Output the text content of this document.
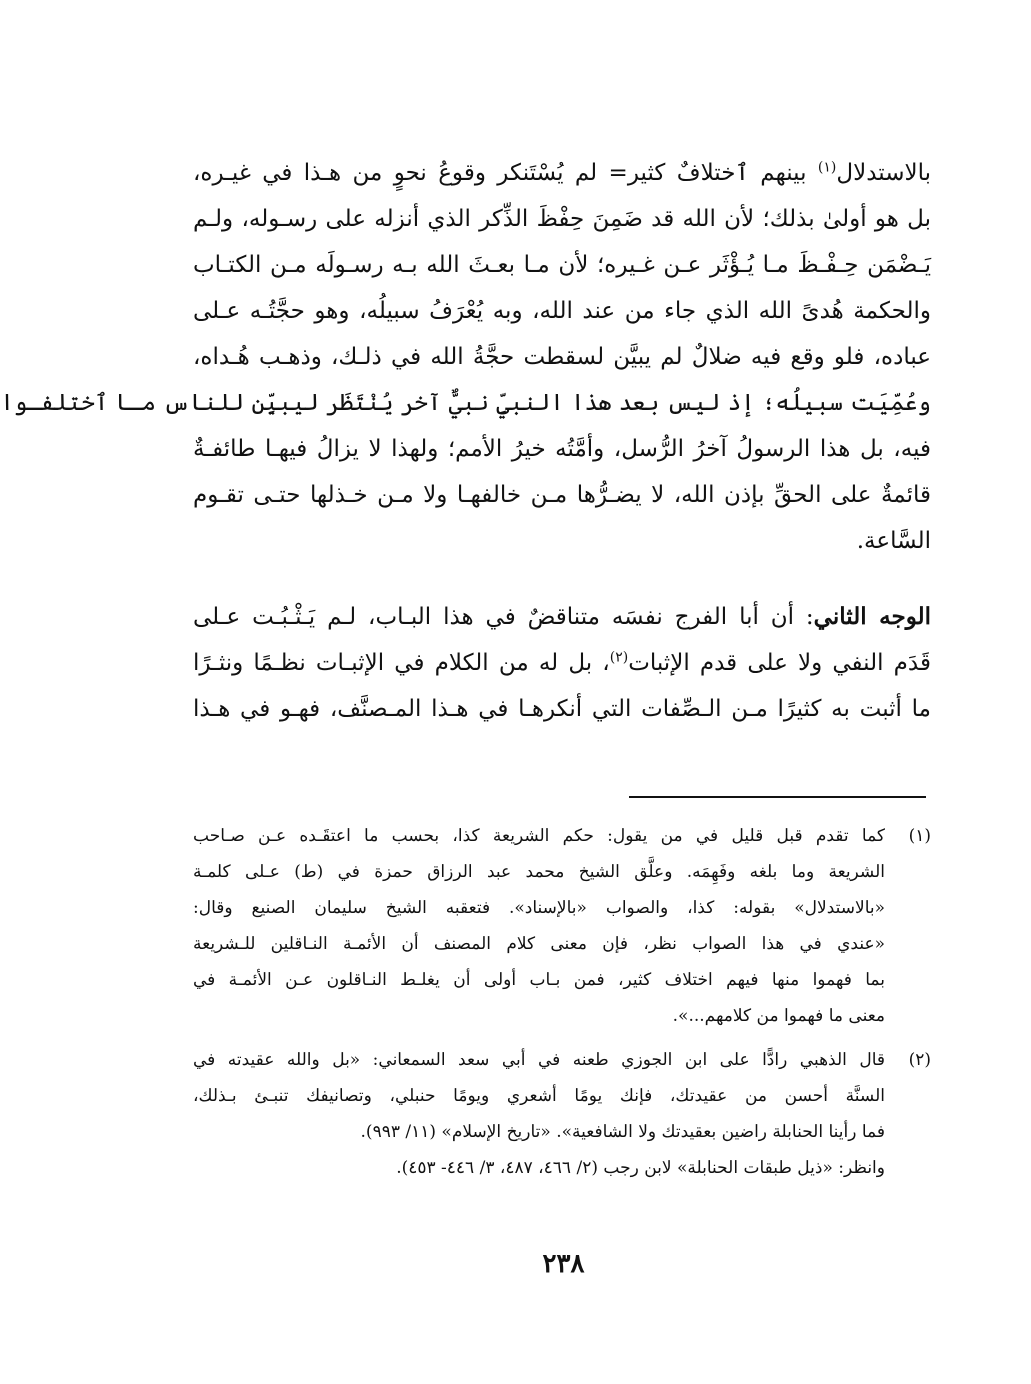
بالاستدلال$^{(١)}$ بينهم ٱختلافٌ كثير= لم يُسْتَنكر وقوعُ نحوٍ من هـذا في غيـره،
بل هو أولىٰ بذلك؛ لأن الله قد ضَمِنَ حِفْظَ الذِّكر الذي أنزله على رسـوله، ولـم
يَـضْمَن حِـفْـظَ مـا يُـؤْثَر عـن غـيره؛ لأن مـا بعـثَ الله بـه رسـولَه مـن الكتـاب
والحكمة هُدىً الله الذي جاء من عند الله، وبه يُعْرَفُ سبيلُه، وهو حجَّتُـه عـلى
عباده، فلو وقع فيه ضلالٌ لم يبيَّن لسقطت حجَّةُ الله في ذلـك، وذهـب هُـداه،
وعُمِّيَت سبيلُه؛ إذ ليس بعد هذا النبيِّ نبيٌّ آخر يُنْتَظَر ليبيِّن للناس مـا ٱختلفـوا
فيه، بل هذا الرسولُ آخرُ الرُّسل، وأمَّتُه خيرُ الأمم؛ ولهذا لا يزالُ فيهـا طائفـةٌ
قائمةٌ على الحقِّ بإذن الله، لا يضـرُّها مـن خالفهـا ولا مـن خـذلها حتـى تقـوم
السَّاعة.
الوجه الثاني: أن أبا الفرج نفسَه متناقضٌ في هذا البـاب، لـم يَـثْـبُـت عـلى
قَدَم النفي ولا على قدم الإثبات$^{(٢)}$، بل له من الكلام في الإثبـات نظـمًا ونثـرًا
ما أثبت به كثيرًا مـن الـصِّفات التي أنكرهـا في هـذا المـصنَّف، فهـو في هـذا
(١)
كما تقدم قبل قليل في من يقول: حكم الشريعة كذا، بحسب ما اعتقَـده عـن صـاحب
الشريعة وما بلغه وفَهِمَه. وعلَّق الشيخ محمد عبد الرزاق حمزة في (ط) عـلى كلمـة
«بالاستدلال» بقوله: كذا، والصواب «بالإسناد». فتعقبه الشيخ سليمان الصنيع وقال:
«عندي في هذا الصواب نظر، فإن معنى كلام المصنف أن الأئمـة النـاقلين للـشريعة
بما فهموا منها فيهم اختلاف كثير، فمن بـاب أولى أن يغلـط النـاقلون عـن الأئمـة في
معنى ما فهموا من كلامهم...».
(٢)
قال الذهبي رادًّا على ابن الجوزي طعنه في أبي سعد السمعاني: «بل والله عقيدته في
السنَّة أحسن من عقيدتك، فإنك يومًا أشعري ويومًا حنبلي، وتصانيفك تنبـئ بـذلك،
فما رأينا الحنابلة راضين بعقيدتك ولا الشافعية». «تاريخ الإسلام» (١١/ ٩٩٣).
وانظر: «ذيل طبقات الحنابلة» لابن رجب (٢/ ٤٦٦، ٤٨٧، ٣/ ٤٤٦- ٤٥٣).
٢٣٨
